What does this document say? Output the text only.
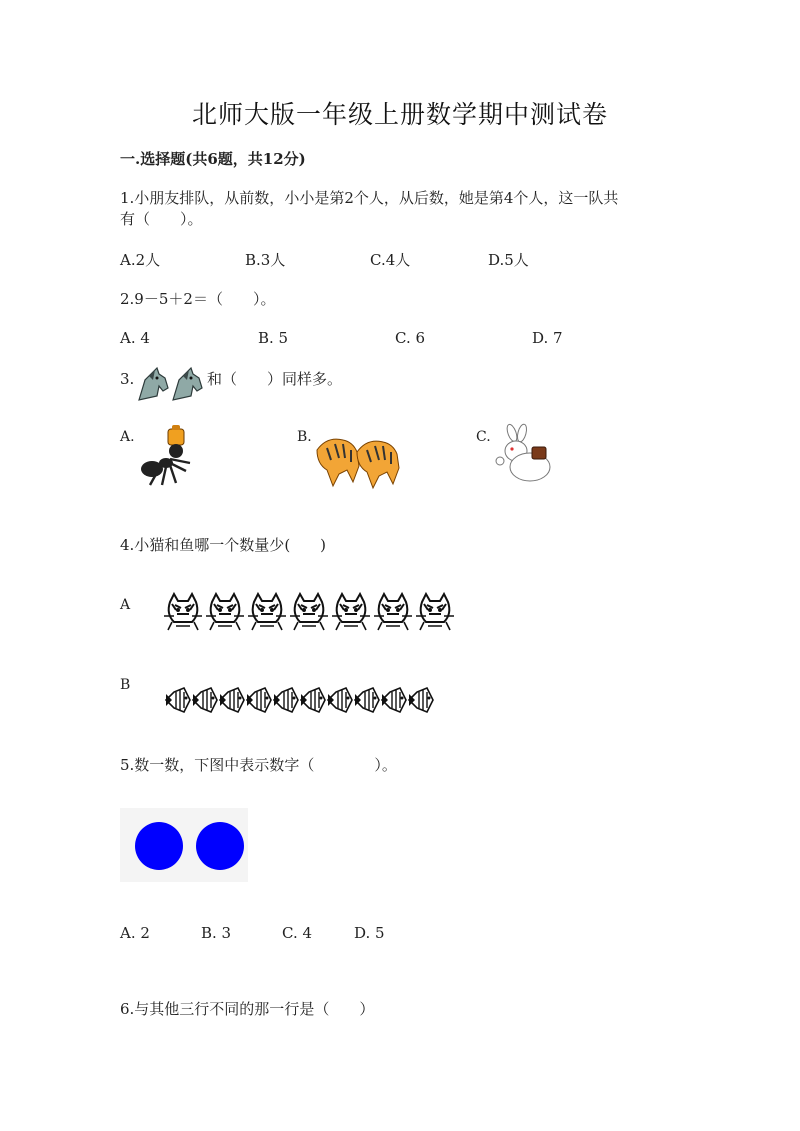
北师大版一年级上册数学期中测试卷
一.选择题(共6题，共12分)
1.小朋友排队，从前数，小小是第2个人，从后数，她是第4个人，这一队共
有（　　）。
A.2人	B.3人	C.4人	D.5人
2.9－5＋2＝（　　）。
A. 4	B. 5	C. 6	D. 7
3.	和（　　）同样多。
A.	B.	C.
4.小猫和鱼哪一个数量少(　　)
A
B
5.数一数，下图中表示数字（　　　　）。
A. 2	B. 3	C. 4	D. 5
6.与其他三行不同的那一行是（　　）
